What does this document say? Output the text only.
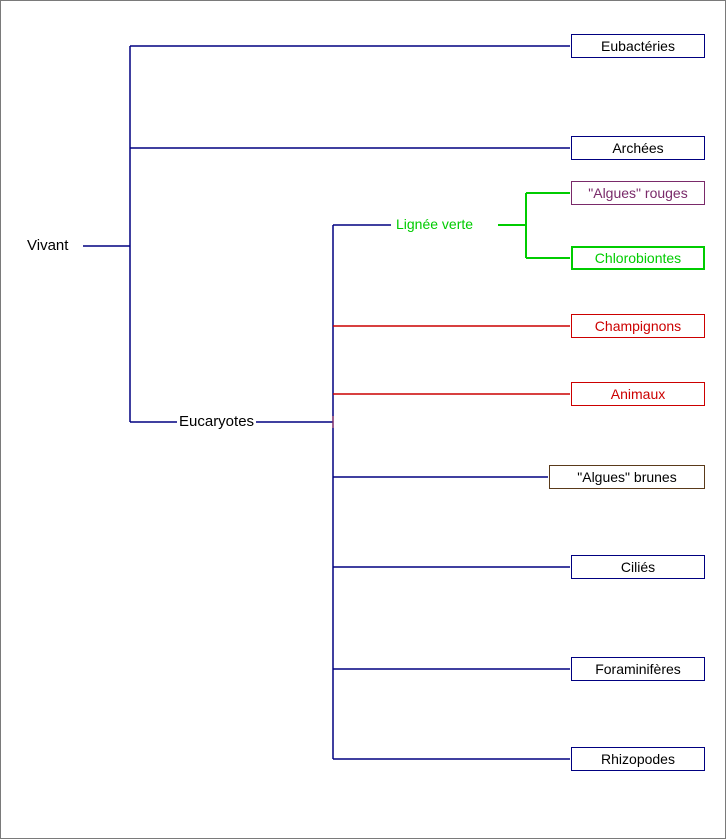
Vivant
Eucaryotes
Lignée verte
Eubactéries
Archées
"Algues" rouges
Chlorobiontes
Champignons
Animaux
"Algues" brunes
Ciliés
Foraminifères
Rhizopodes
